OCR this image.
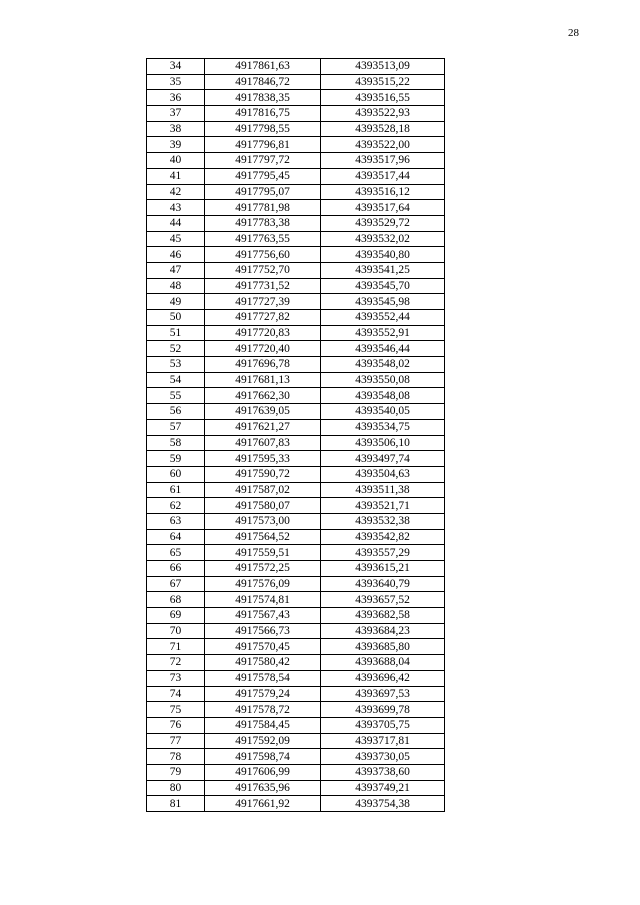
28
34	4917861,63	4393513,09
35	4917846,72	4393515,22
36	4917838,35	4393516,55
37	4917816,75	4393522,93
38	4917798,55	4393528,18
39	4917796,81	4393522,00
40	4917797,72	4393517,96
41	4917795,45	4393517,44
42	4917795,07	4393516,12
43	4917781,98	4393517,64
44	4917783,38	4393529,72
45	4917763,55	4393532,02
46	4917756,60	4393540,80
47	4917752,70	4393541,25
48	4917731,52	4393545,70
49	4917727,39	4393545,98
50	4917727,82	4393552,44
51	4917720,83	4393552,91
52	4917720,40	4393546,44
53	4917696,78	4393548,02
54	4917681,13	4393550,08
55	4917662,30	4393548,08
56	4917639,05	4393540,05
57	4917621,27	4393534,75
58	4917607,83	4393506,10
59	4917595,33	4393497,74
60	4917590,72	4393504,63
61	4917587,02	4393511,38
62	4917580,07	4393521,71
63	4917573,00	4393532,38
64	4917564,52	4393542,82
65	4917559,51	4393557,29
66	4917572,25	4393615,21
67	4917576,09	4393640,79
68	4917574,81	4393657,52
69	4917567,43	4393682,58
70	4917566,73	4393684,23
71	4917570,45	4393685,80
72	4917580,42	4393688,04
73	4917578,54	4393696,42
74	4917579,24	4393697,53
75	4917578,72	4393699,78
76	4917584,45	4393705,75
77	4917592,09	4393717,81
78	4917598,74	4393730,05
79	4917606,99	4393738,60
80	4917635,96	4393749,21
81	4917661,92	4393754,38
